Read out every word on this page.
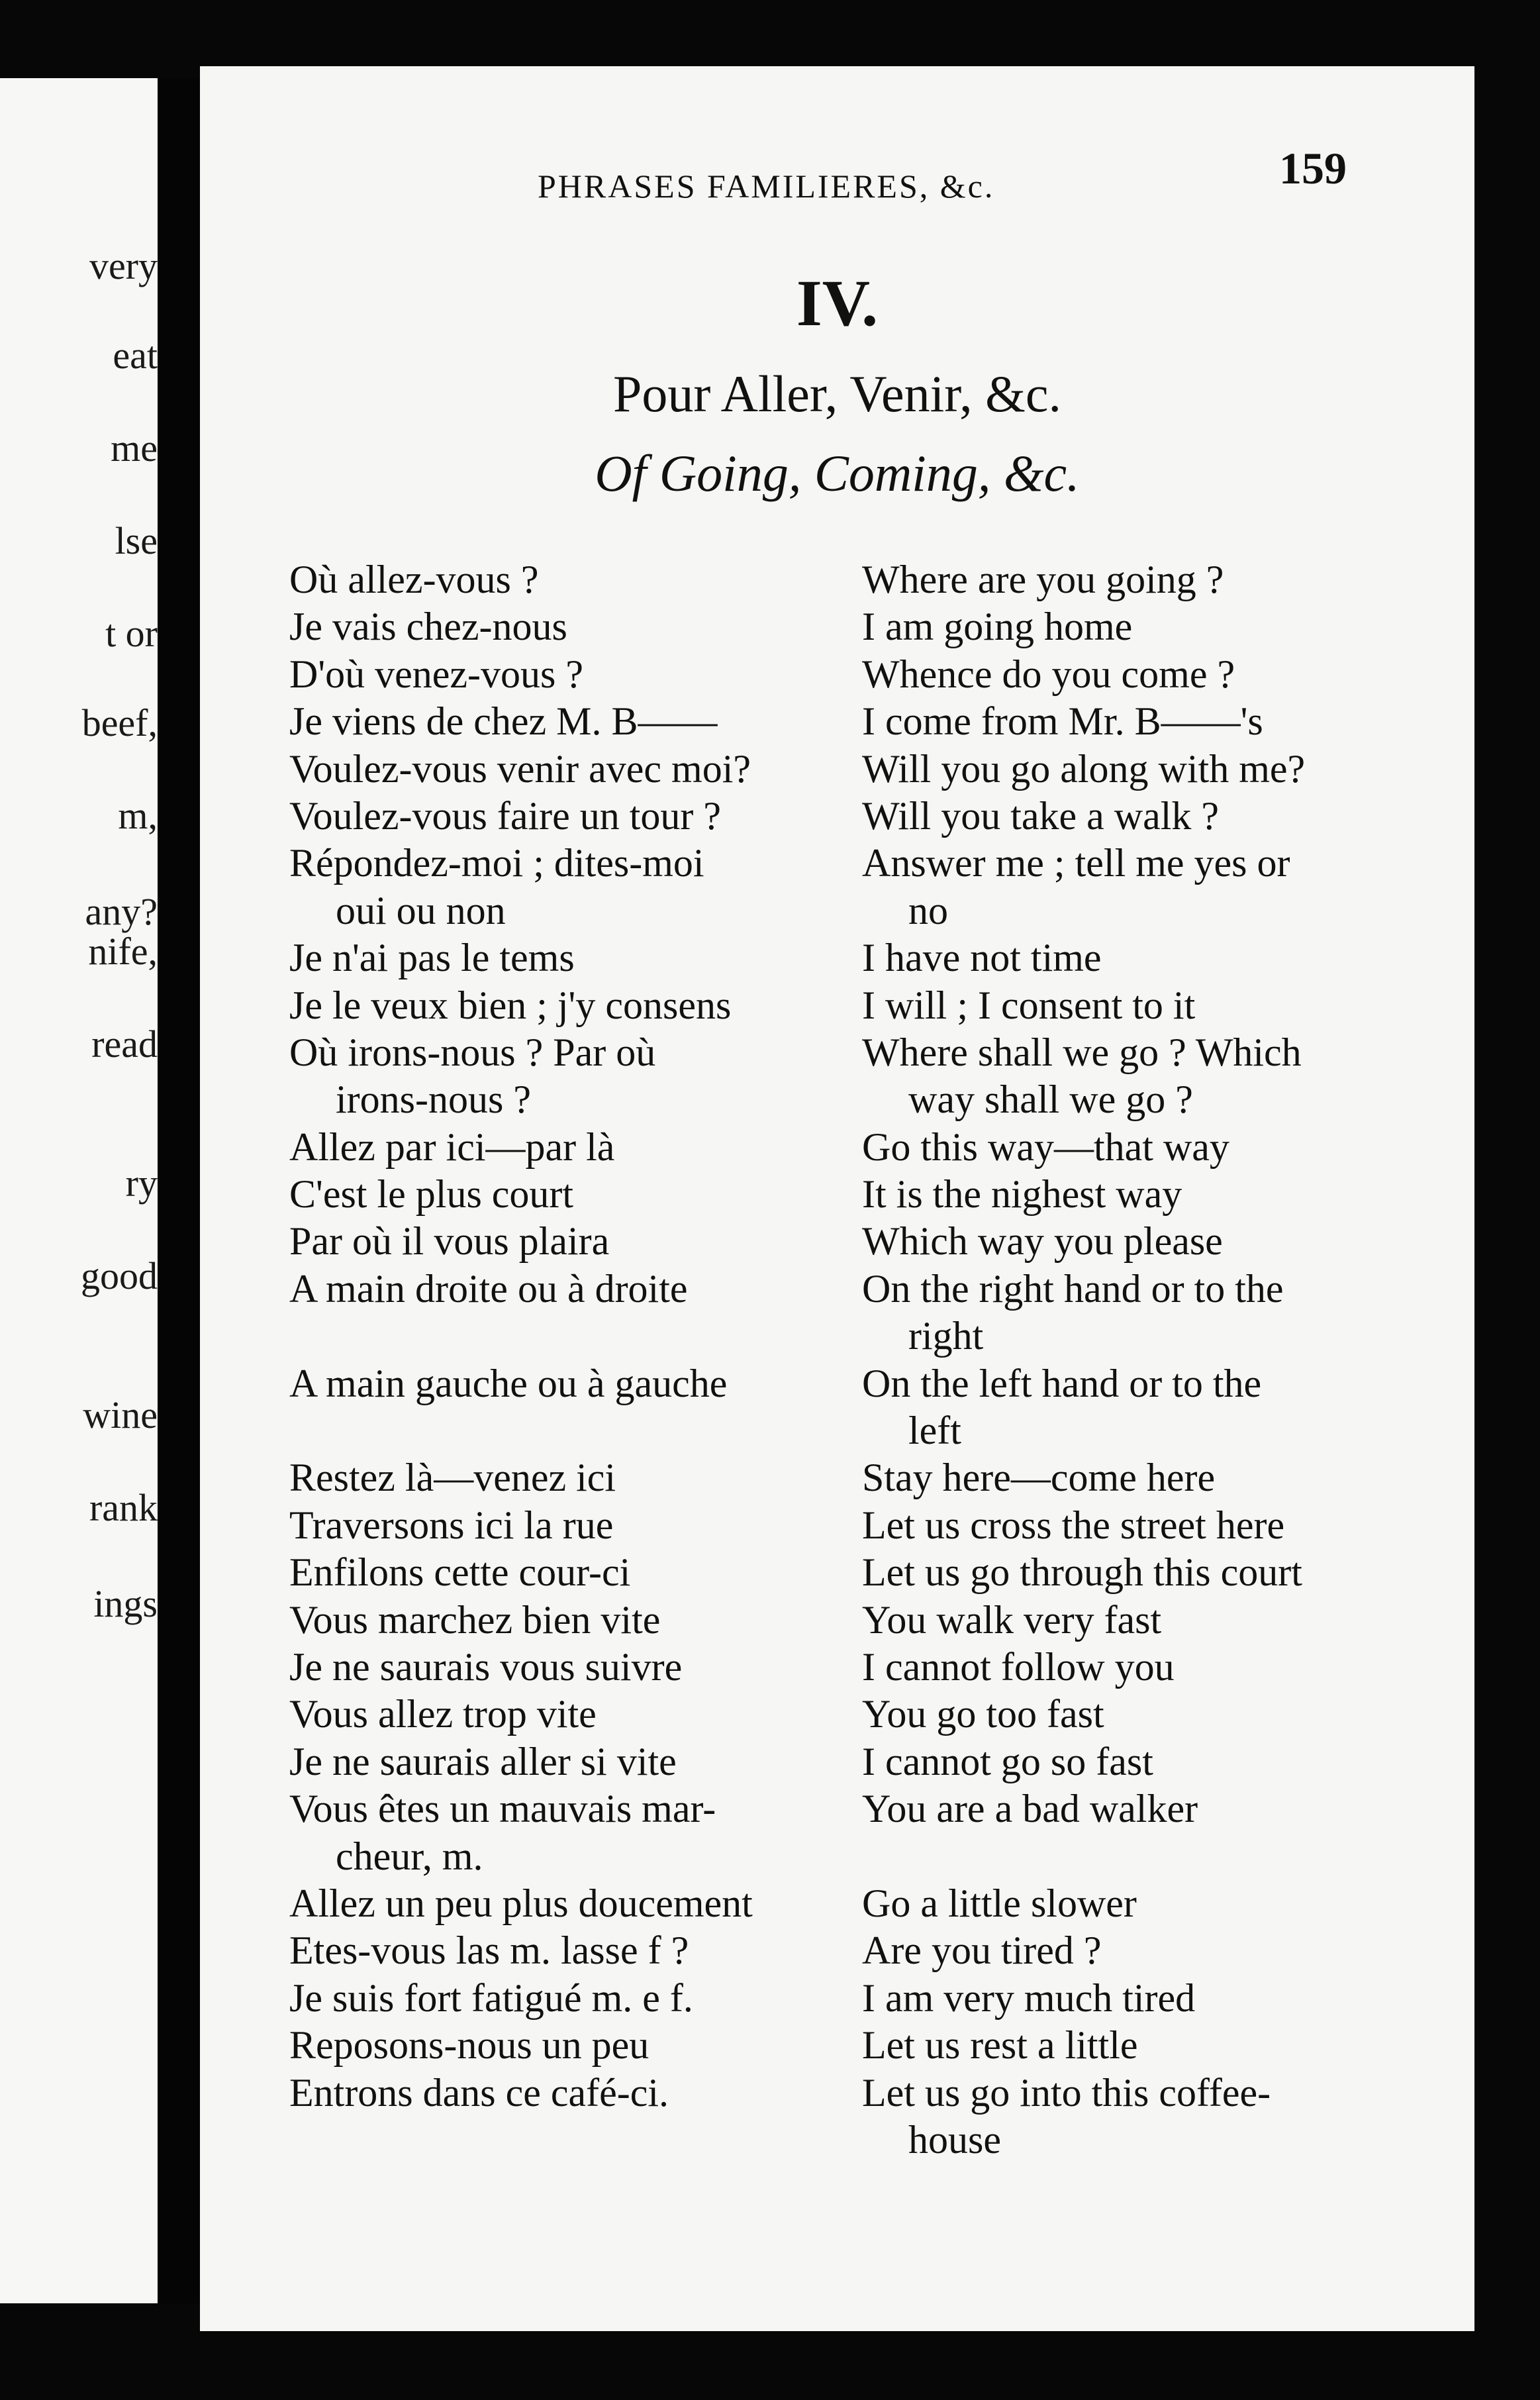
very
eat
me
lse
t or
beef,
m,
any?
nife,
read
ry
good
wine
rank
ings
PHRASES FAMILIERES, &c.	159
IV.
Pour Aller, Venir, &c.
Of Going, Coming, &c.
Où allez-vous ?
Je vais chez-nous
D'où venez-vous ?
Je viens de chez M. B——
Voulez-vous venir avec moi?
Voulez-vous faire un tour ?
Répondez-moi ; dites-moi
oui ou non
Je n'ai pas le tems
Je le veux bien ; j'y consens
Où irons-nous ? Par où
irons-nous ?
Allez par ici—par là
C'est le plus court
Par où il vous plaira
A main droite ou à droite
A main gauche ou à gauche
Restez là—venez ici
Traversons ici la rue
Enfilons cette cour-ci
Vous marchez bien vite
Je ne saurais vous suivre
Vous allez trop vite
Je ne saurais aller si vite
Vous êtes un mauvais mar-
cheur, m.
Allez un peu plus doucement
Etes-vous las m. lasse f ?
Je suis fort fatigué m. e f.
Reposons-nous un peu
Entrons dans ce café-ci.
Where are you going ?
I am going home
Whence do you come ?
I come from Mr. B——'s
Will you go along with me?
Will you take a walk ?
Answer me ; tell me yes or
no
I have not time
I will ; I consent to it
Where shall we go ? Which
way shall we go ?
Go this way—that way
It is the nighest way
Which way you please
On the right hand or to the
right
On the left hand or to the
left
Stay here—come here
Let us cross the street here
Let us go through this court
You walk very fast
I cannot follow you
You go too fast
I cannot go so fast
You are a bad walker
Go a little slower
Are you tired ?
I am very much tired
Let us rest a little
Let us go into this coffee-
house
